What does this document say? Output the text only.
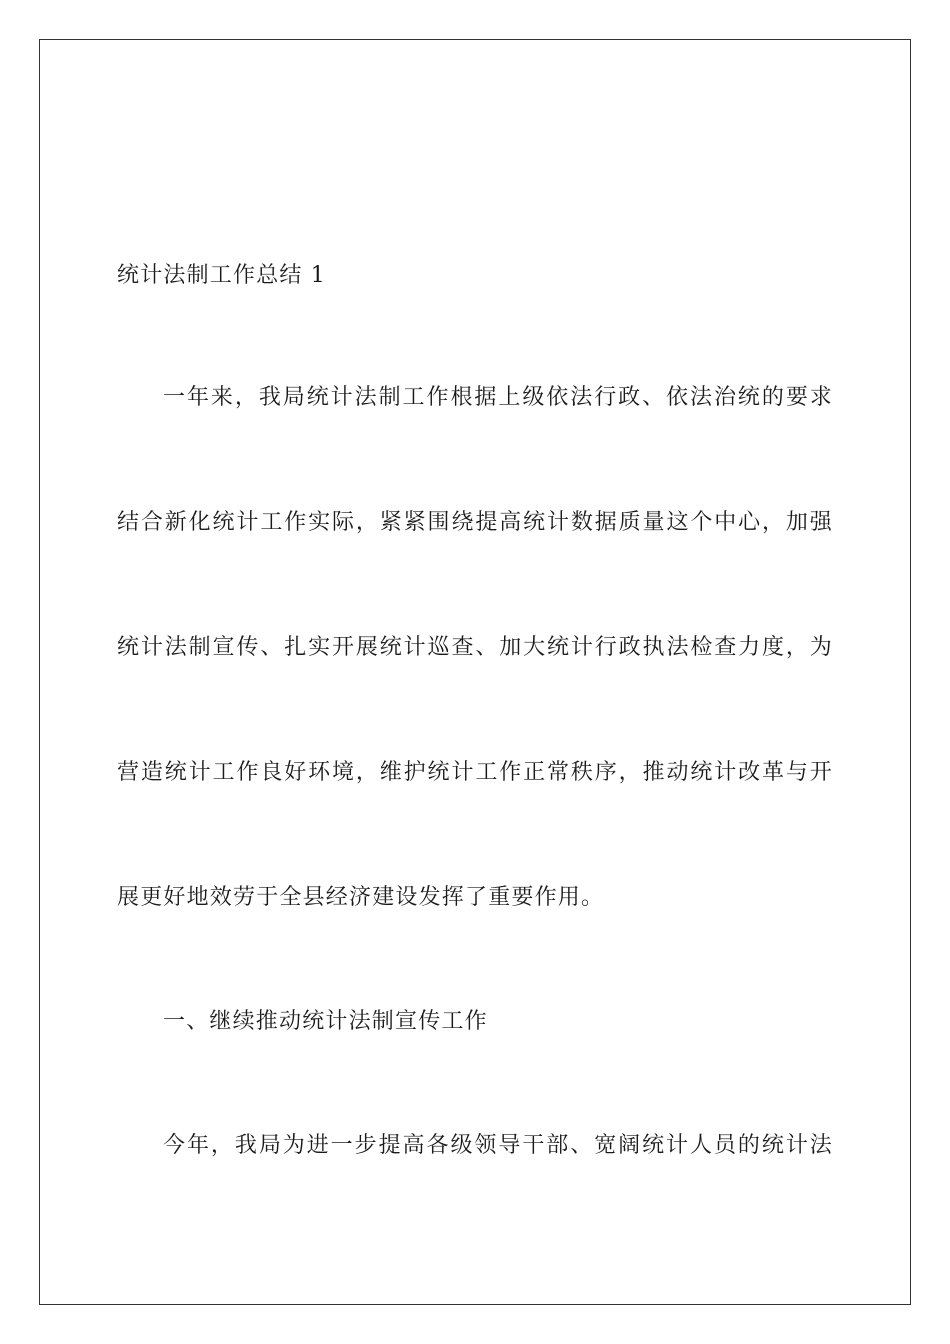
统计法制工作总结 1
一年来，我局统计法制工作根据上级依法行政、依法治统的要求
结合新化统计工作实际，紧紧围绕提高统计数据质量这个中心，加强
统计法制宣传、扎实开展统计巡查、加大统计行政执法检查力度，为
营造统计工作良好环境，维护统计工作正常秩序，推动统计改革与开
展更好地效劳于全县经济建设发挥了重要作用。
一、继续推动统计法制宣传工作
今年，我局为进一步提高各级领导干部、宽阔统计人员的统计法
